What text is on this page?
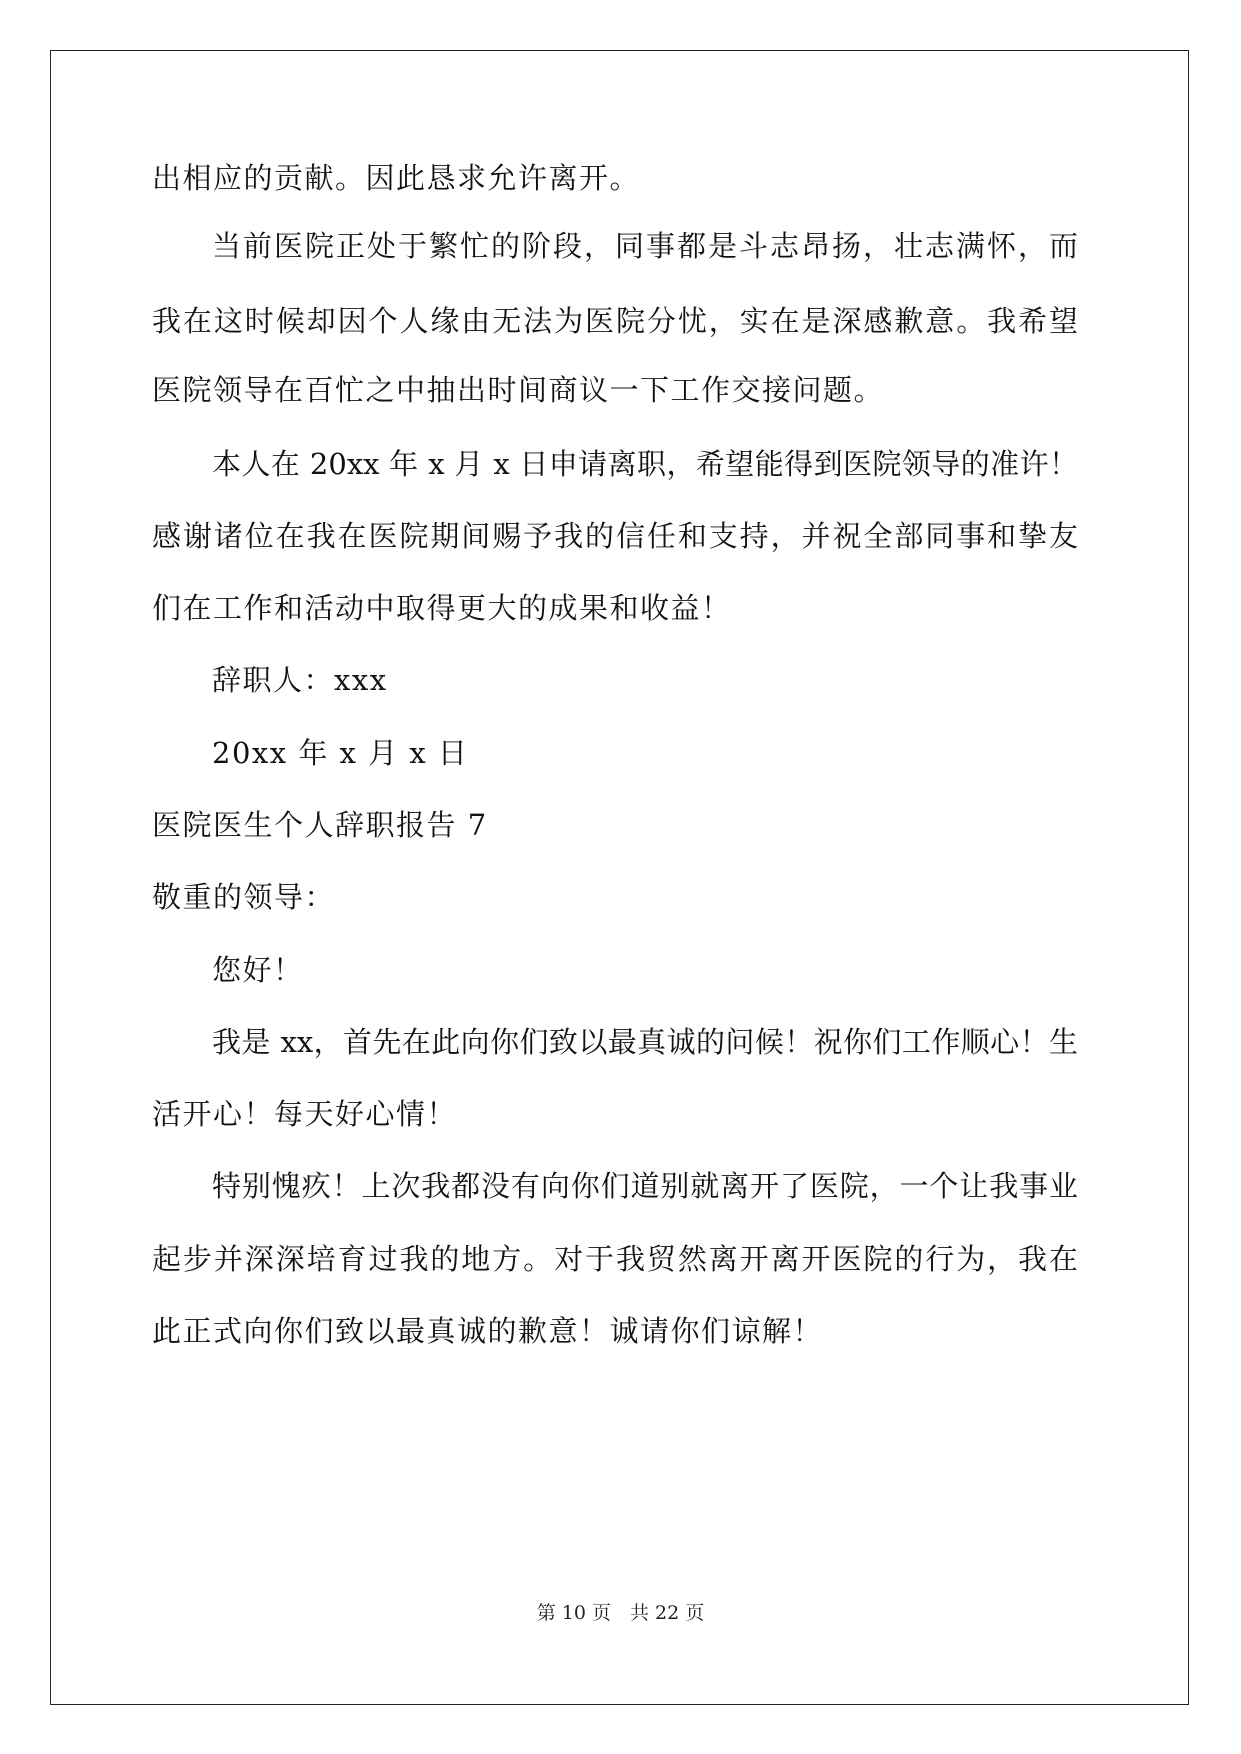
出相应的贡献。因此恳求允许离开。
当前医院正处于繁忙的阶段，同事都是斗志昂扬，壮志满怀，而
我在这时候却因个人缘由无法为医院分忧，实在是深感歉意。我希望
医院领导在百忙之中抽出时间商议一下工作交接问题。
本人在 20xx 年 x 月 x 日申请离职，希望能得到医院领导的准许！
感谢诸位在我在医院期间赐予我的信任和支持，并祝全部同事和挚友
们在工作和活动中取得更大的成果和收益！
辞职人：xxx
20xx 年 x 月 x 日
医院医生个人辞职报告 7
敬重的领导：
您好！
我是 xx，首先在此向你们致以最真诚的问候！祝你们工作顺心！生
活开心！每天好心情！
特别愧疚！上次我都没有向你们道别就离开了医院，一个让我事业
起步并深深培育过我的地方。对于我贸然离开离开医院的行为，我在
此正式向你们致以最真诚的歉意！诚请你们谅解！
第 10 页　共 22 页
